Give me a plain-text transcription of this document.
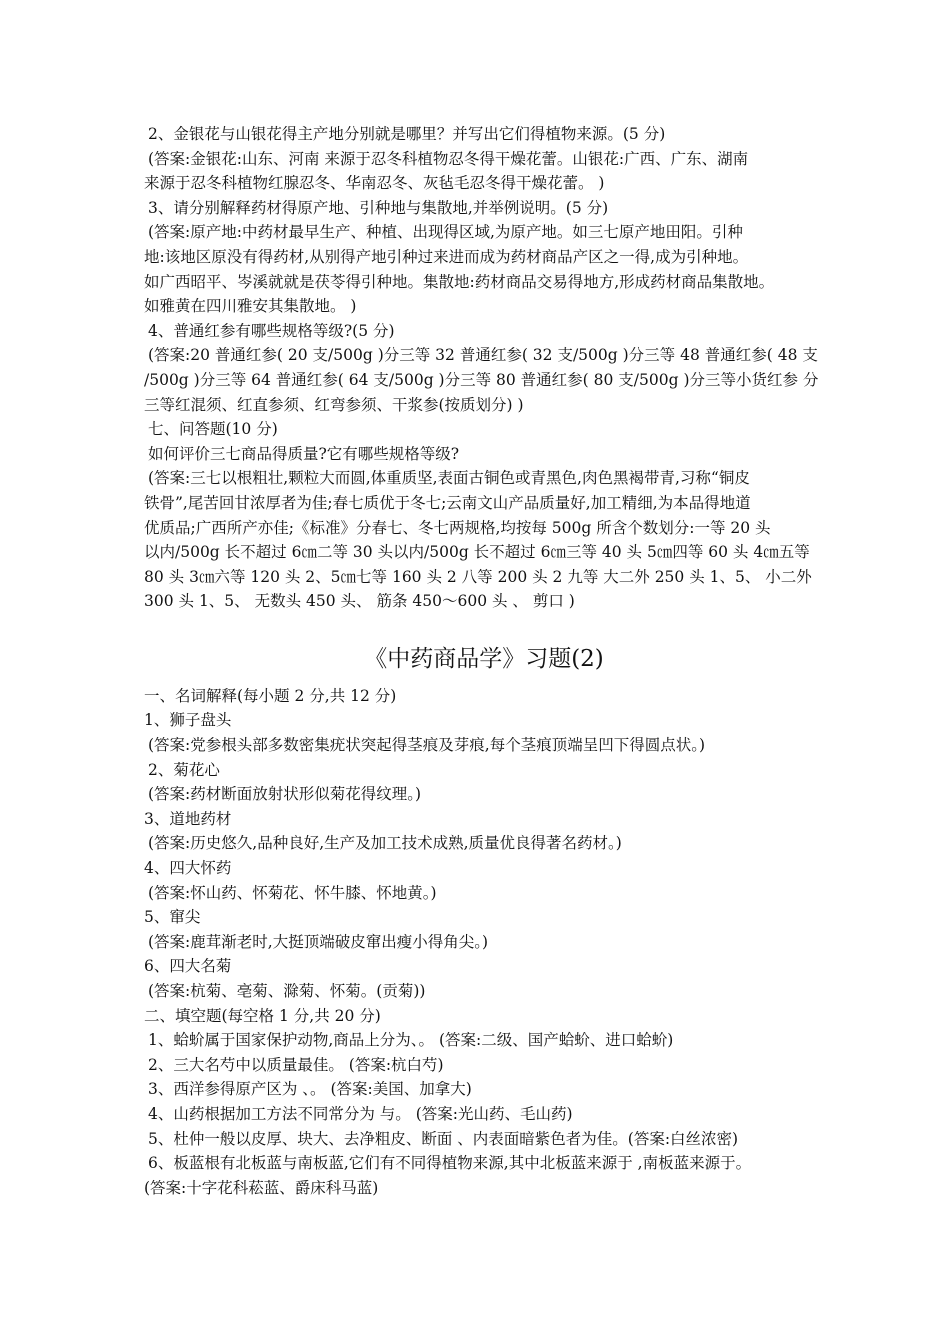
2、金银花与山银花得主产地分别就是哪里？并写出它们得植物来源。(5 分)
(答案:金银花:山东、河南 来源于忍冬科植物忍冬得干燥花蕾。山银花:广西、广东、湖南
来源于忍冬科植物红腺忍冬、华南忍冬、灰毡毛忍冬得干燥花蕾。 )
3、请分别解释药材得原产地、引种地与集散地,并举例说明。(5 分)
(答案:原产地:中药材最早生产、种植、出现得区域,为原产地。如三七原产地田阳。引种
地:该地区原没有得药材,从别得产地引种过来进而成为药材商品产区之一得,成为引种地。
如广西昭平、岑溪就就是茯苓得引种地。集散地:药材商品交易得地方,形成药材商品集散地。
如雅黄在四川雅安其集散地。 )
4、普通红参有哪些规格等级?(5 分)
(答案:20 普通红参( 20 支/500g )分三等 32 普通红参( 32 支/500g )分三等 48 普通红参( 48 支
/500g )分三等 64 普通红参( 64 支/500g )分三等 80 普通红参( 80 支/500g )分三等小货红参 分
三等红混须、红直参须、红弯参须、干浆参(按质划分) )
七、问答题(10 分)
如何评价三七商品得质量?它有哪些规格等级?
(答案:三七以根粗壮,颗粒大而圆,体重质坚,表面古铜色或青黑色,肉色黑褐带青,习称“铜皮
铁骨”,尾苦回甘浓厚者为佳;春七质优于冬七;云南文山产品质量好,加工精细,为本品得地道
优质品;广西所产亦佳;《标准》分春七、冬七两规格,均按每 500g 所含个数划分:一等 20 头
以内/500g 长不超过 6㎝二等 30 头以内/500g 长不超过 6㎝三等 40 头 5㎝四等 60 头 4㎝五等
80 头 3㎝六等 120 头 2、5㎝七等 160 头 2 八等 200 头 2 九等 大二外 250 头 1、5、 小二外
300 头 1、5、 无数头 450 头、 筋条 450～600 头 、 剪口 )
《中药商品学》习题(2)
一、名词解释(每小题 2 分,共 12 分)
1、狮子盘头
(答案:党参根头部多数密集疣状突起得茎痕及芽痕,每个茎痕顶端呈凹下得圆点状。)
2、菊花心
(答案:药材断面放射状形似菊花得纹理。)
3、道地药材
(答案:历史悠久,品种良好,生产及加工技术成熟,质量优良得著名药材。)
4、四大怀药
(答案:怀山药、怀菊花、怀牛膝、怀地黄。)
5、窜尖
(答案:鹿茸渐老时,大挺顶端破皮窜出瘦小得角尖。)
6、四大名菊
(答案:杭菊、亳菊、滁菊、怀菊。(贡菊))
二、填空题(每空格 1 分,共 20 分)
1、蛤蚧属于国家保护动物,商品上分为、。 (答案:二级、国产蛤蚧、进口蛤蚧)
2、三大名芍中以质量最佳。 (答案:杭白芍)
3、西洋参得原产区为 、。 (答案:美国、加拿大)
4、山药根据加工方法不同常分为 与。 (答案:光山药、毛山药)
5、杜仲一般以皮厚、块大、去净粗皮、断面 、内表面暗紫色者为佳。(答案:白丝浓密)
6、板蓝根有北板蓝与南板蓝,它们有不同得植物来源,其中北板蓝来源于 ,南板蓝来源于。
(答案:十字花科菘蓝、爵床科马蓝)
